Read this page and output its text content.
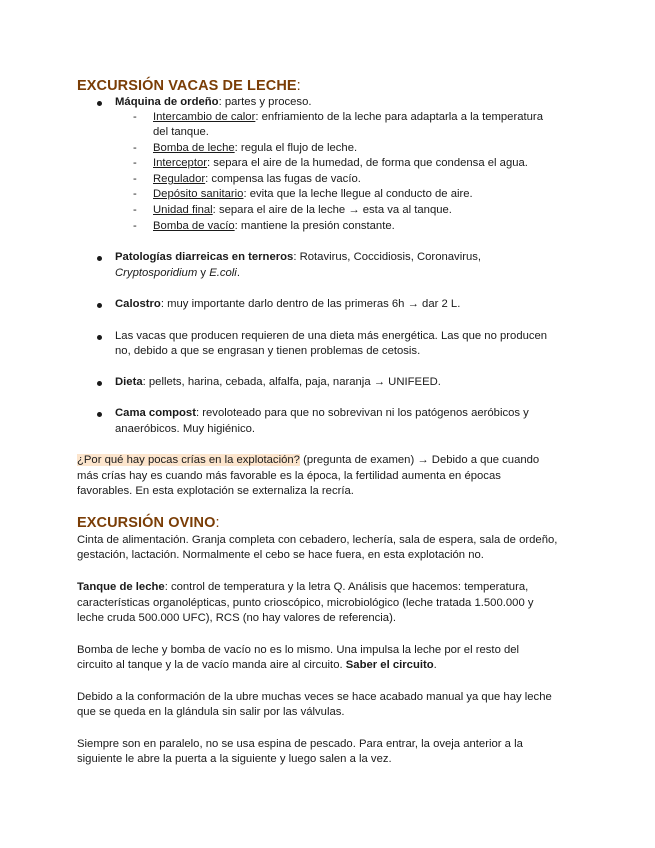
EXCURSIÓN VACAS DE LECHE:
Máquina de ordeño: partes y proceso.
- Intercambio de calor: enfriamiento de la leche para adaptarla a la temperatura
del tanque.
- Bomba de leche: regula el flujo de leche.
- Interceptor: separa el aire de la humedad, de forma que condensa el agua.
- Regulador: compensa las fugas de vacío.
- Depósito sanitario: evita que la leche llegue al conducto de aire.
- Unidad final: separa el aire de la leche → esta va al tanque.
- Bomba de vacío: mantiene la presión constante.
Patologías diarreicas en terneros: Rotavirus, Coccidiosis, Coronavirus,
Cryptosporidium y E.coli.
Calostro: muy importante darlo dentro de las primeras 6h → dar 2 L.
Las vacas que producen requieren de una dieta más energética. Las que no producen
no, debido a que se engrasan y tienen problemas de cetosis.
Dieta: pellets, harina, cebada, alfalfa, paja, naranja → UNIFEED.
Cama compost: revoloteado para que no sobrevivan ni los patógenos aeróbicos y
anaeróbicos. Muy higiénico.
¿Por qué hay pocas crías en la explotación? (pregunta de examen) → Debido a que cuando
más crías hay es cuando más favorable es la época, la fertilidad aumenta en épocas
favorables. En esta explotación se externaliza la recría.
EXCURSIÓN OVINO:
Cinta de alimentación. Granja completa con cebadero, lechería, sala de espera, sala de ordeño,
gestación, lactación. Normalmente el cebo se hace fuera, en esta explotación no.
Tanque de leche: control de temperatura y la letra Q. Análisis que hacemos: temperatura,
características organolépticas, punto crioscópico, microbiológico (leche tratada 1.500.000 y
leche cruda 500.000 UFC), RCS (no hay valores de referencia).
Bomba de leche y bomba de vacío no es lo mismo. Una impulsa la leche por el resto del
circuito al tanque y la de vacío manda aire al circuito. Saber el circuito.
Debido a la conformación de la ubre muchas veces se hace acabado manual ya que hay leche
que se queda en la glándula sin salir por las válvulas.
Siempre son en paralelo, no se usa espina de pescado. Para entrar, la oveja anterior a la
siguiente le abre la puerta a la siguiente y luego salen a la vez.
